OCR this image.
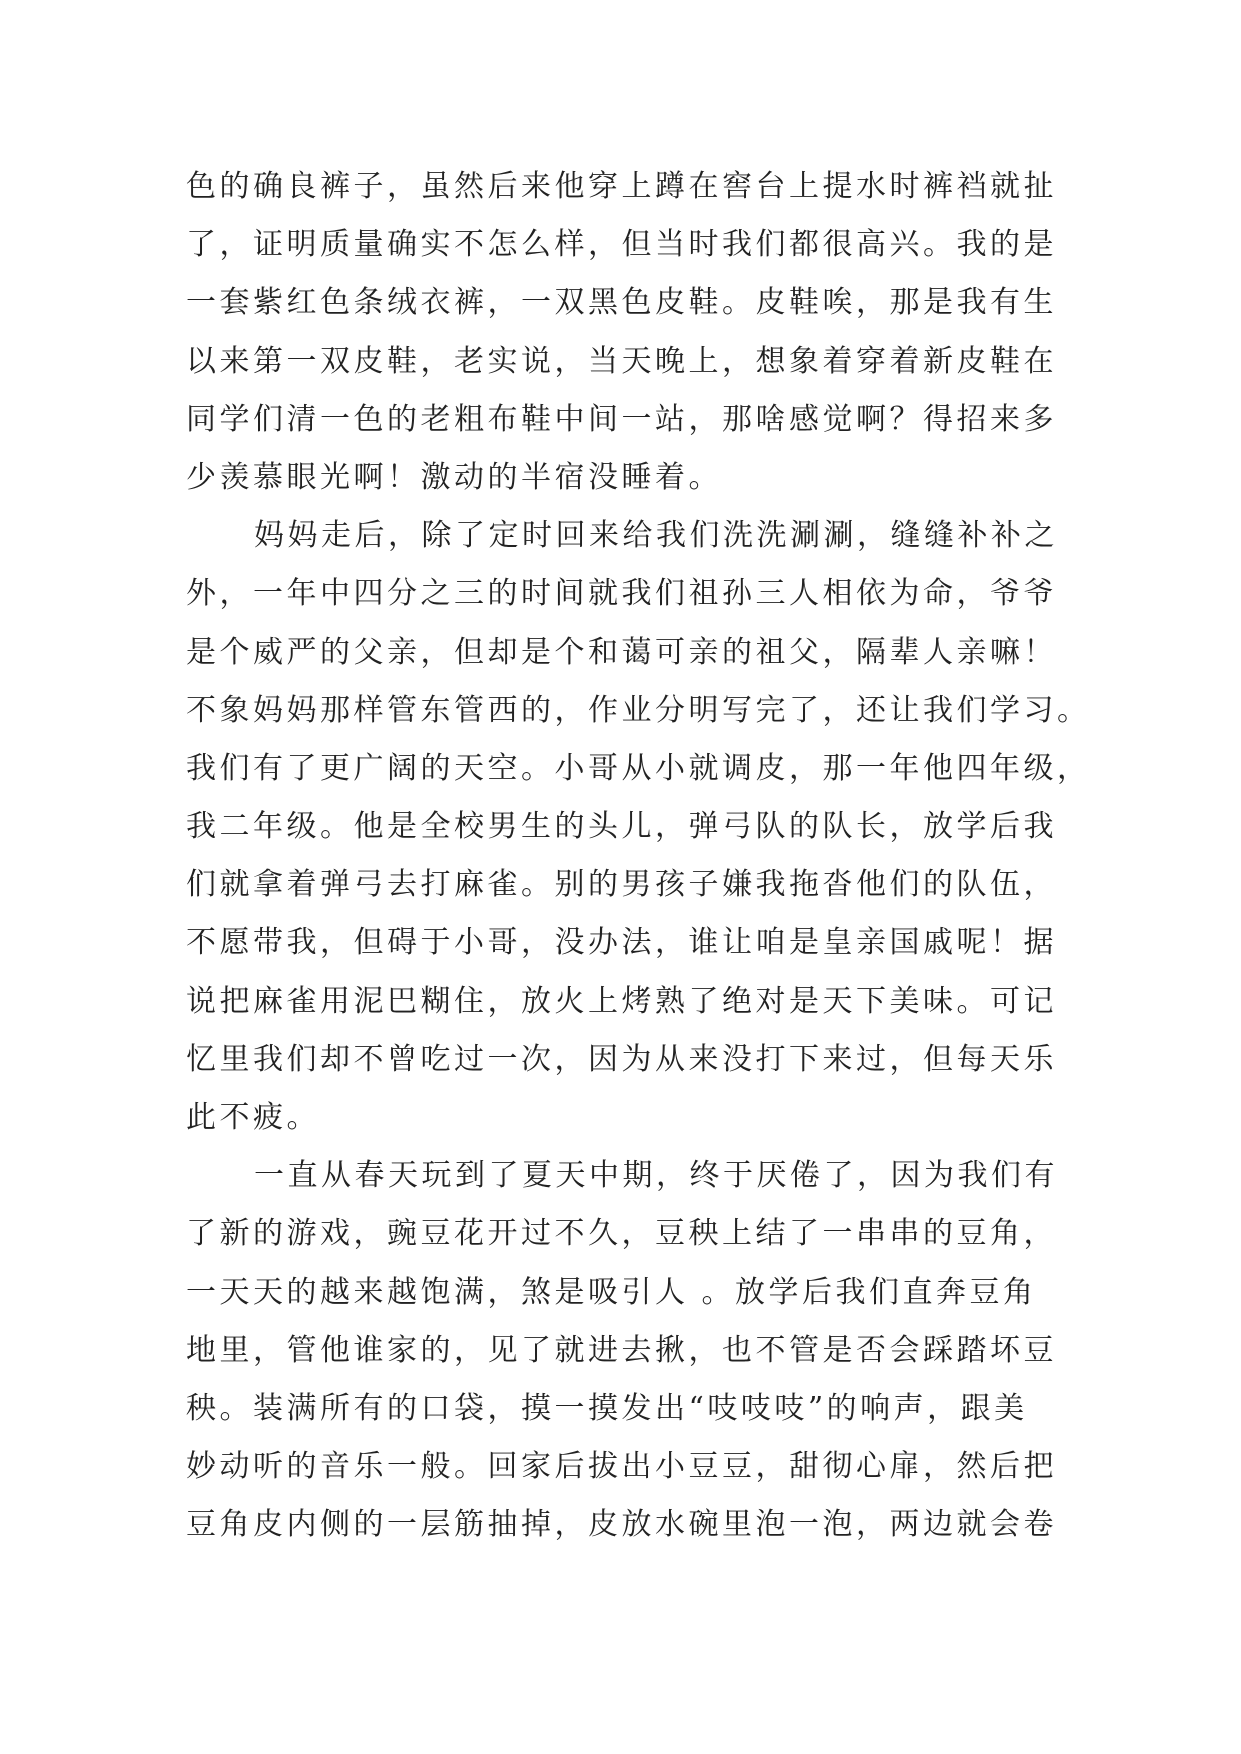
色的确良裤子，虽然后来他穿上蹲在窖台上提水时裤裆就扯
了，证明质量确实不怎么样，但当时我们都很高兴。我的是
一套紫红色条绒衣裤，一双黑色皮鞋。皮鞋唉，那是我有生
以来第一双皮鞋，老实说，当天晚上，想象着穿着新皮鞋在
同学们清一色的老粗布鞋中间一站，那啥感觉啊？得招来多
少羡慕眼光啊！激动的半宿没睡着。
妈妈走后，除了定时回来给我们洗洗涮涮，缝缝补补之
外，一年中四分之三的时间就我们祖孙三人相依为命，爷爷
是个威严的父亲，但却是个和蔼可亲的祖父，隔辈人亲嘛！
不象妈妈那样管东管西的，作业分明写完了，还让我们学习。
我们有了更广阔的天空。小哥从小就调皮，那一年他四年级，
我二年级。他是全校男生的头儿，弹弓队的队长，放学后我
们就拿着弹弓去打麻雀。别的男孩子嫌我拖沓他们的队伍，
不愿带我，但碍于小哥，没办法，谁让咱是皇亲国戚呢！据
说把麻雀用泥巴糊住，放火上烤熟了绝对是天下美味。可记
忆里我们却不曾吃过一次，因为从来没打下来过，但每天乐
此不疲。
一直从春天玩到了夏天中期，终于厌倦了，因为我们有
了新的游戏，豌豆花开过不久，豆秧上结了一串串的豆角，
一天天的越来越饱满，煞是吸引人 。放学后我们直奔豆角
地里，管他谁家的，见了就进去揪，也不管是否会踩踏坏豆
秧。装满所有的口袋，摸一摸发出“吱吱吱”的响声，跟美
妙动听的音乐一般。回家后拔出小豆豆，甜彻心扉，然后把
豆角皮内侧的一层筋抽掉，皮放水碗里泡一泡，两边就会卷
